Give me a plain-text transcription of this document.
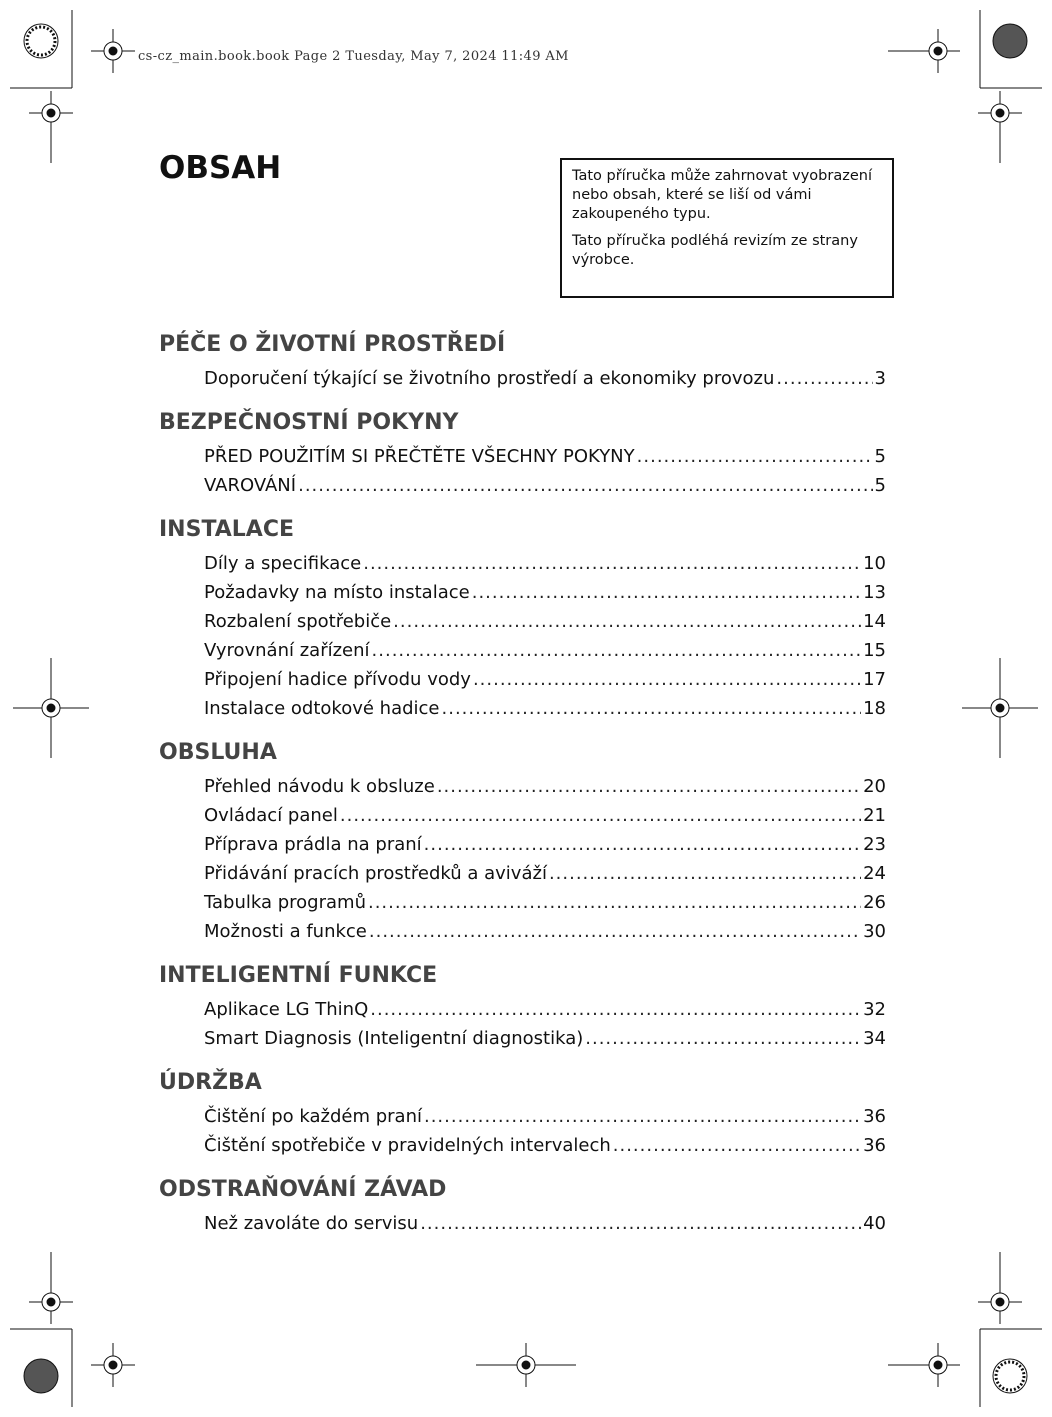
cs-cz_main.book.book Page 2 Tuesday, May 7, 2024 11:49 AM
OBSAH	Tato příručka může zahrnovat vyobrazení nebo obsah, které se liší od vámi zakoupeného typu.

Tato příručka podléhá revizím ze strany výrobce.

PÉČE O ŽIVOTNÍ PROSTŘEDÍ
Doporučení týkající se životního prostředí a ekonomiky provozu .....	3
BEZPEČNOSTNÍ POKYNY
PŘED POUŽITÍM SI PŘEČTĚTE VŠECHNY POKYNY .....	5
VAROVÁNÍ .....	5
INSTALACE
Díly a specifikace .....	10
Požadavky na místo instalace .....	13
Rozbalení spotřebiče .....	14
Vyrovnání zařízení .....	15
Připojení hadice přívodu vody .....	17
Instalace odtokové hadice .....	18
OBSLUHA
Přehled návodu k obsluze .....	20
Ovládací panel .....	21
Příprava prádla na praní .....	23
Přidávání pracích prostředků a aviváží .....	24
Tabulka programů .....	26
Možnosti a funkce .....	30
INTELIGENTNÍ FUNKCE
Aplikace LG ThinQ .....	32
Smart Diagnosis (Inteligentní diagnostika) .....	34
ÚDRŽBA
Čištění po každém praní .....	36
Čištění spotřebiče v pravidelných intervalech .....	36
ODSTRAŇOVÁNÍ ZÁVAD
Než zavoláte do servisu .....	40
